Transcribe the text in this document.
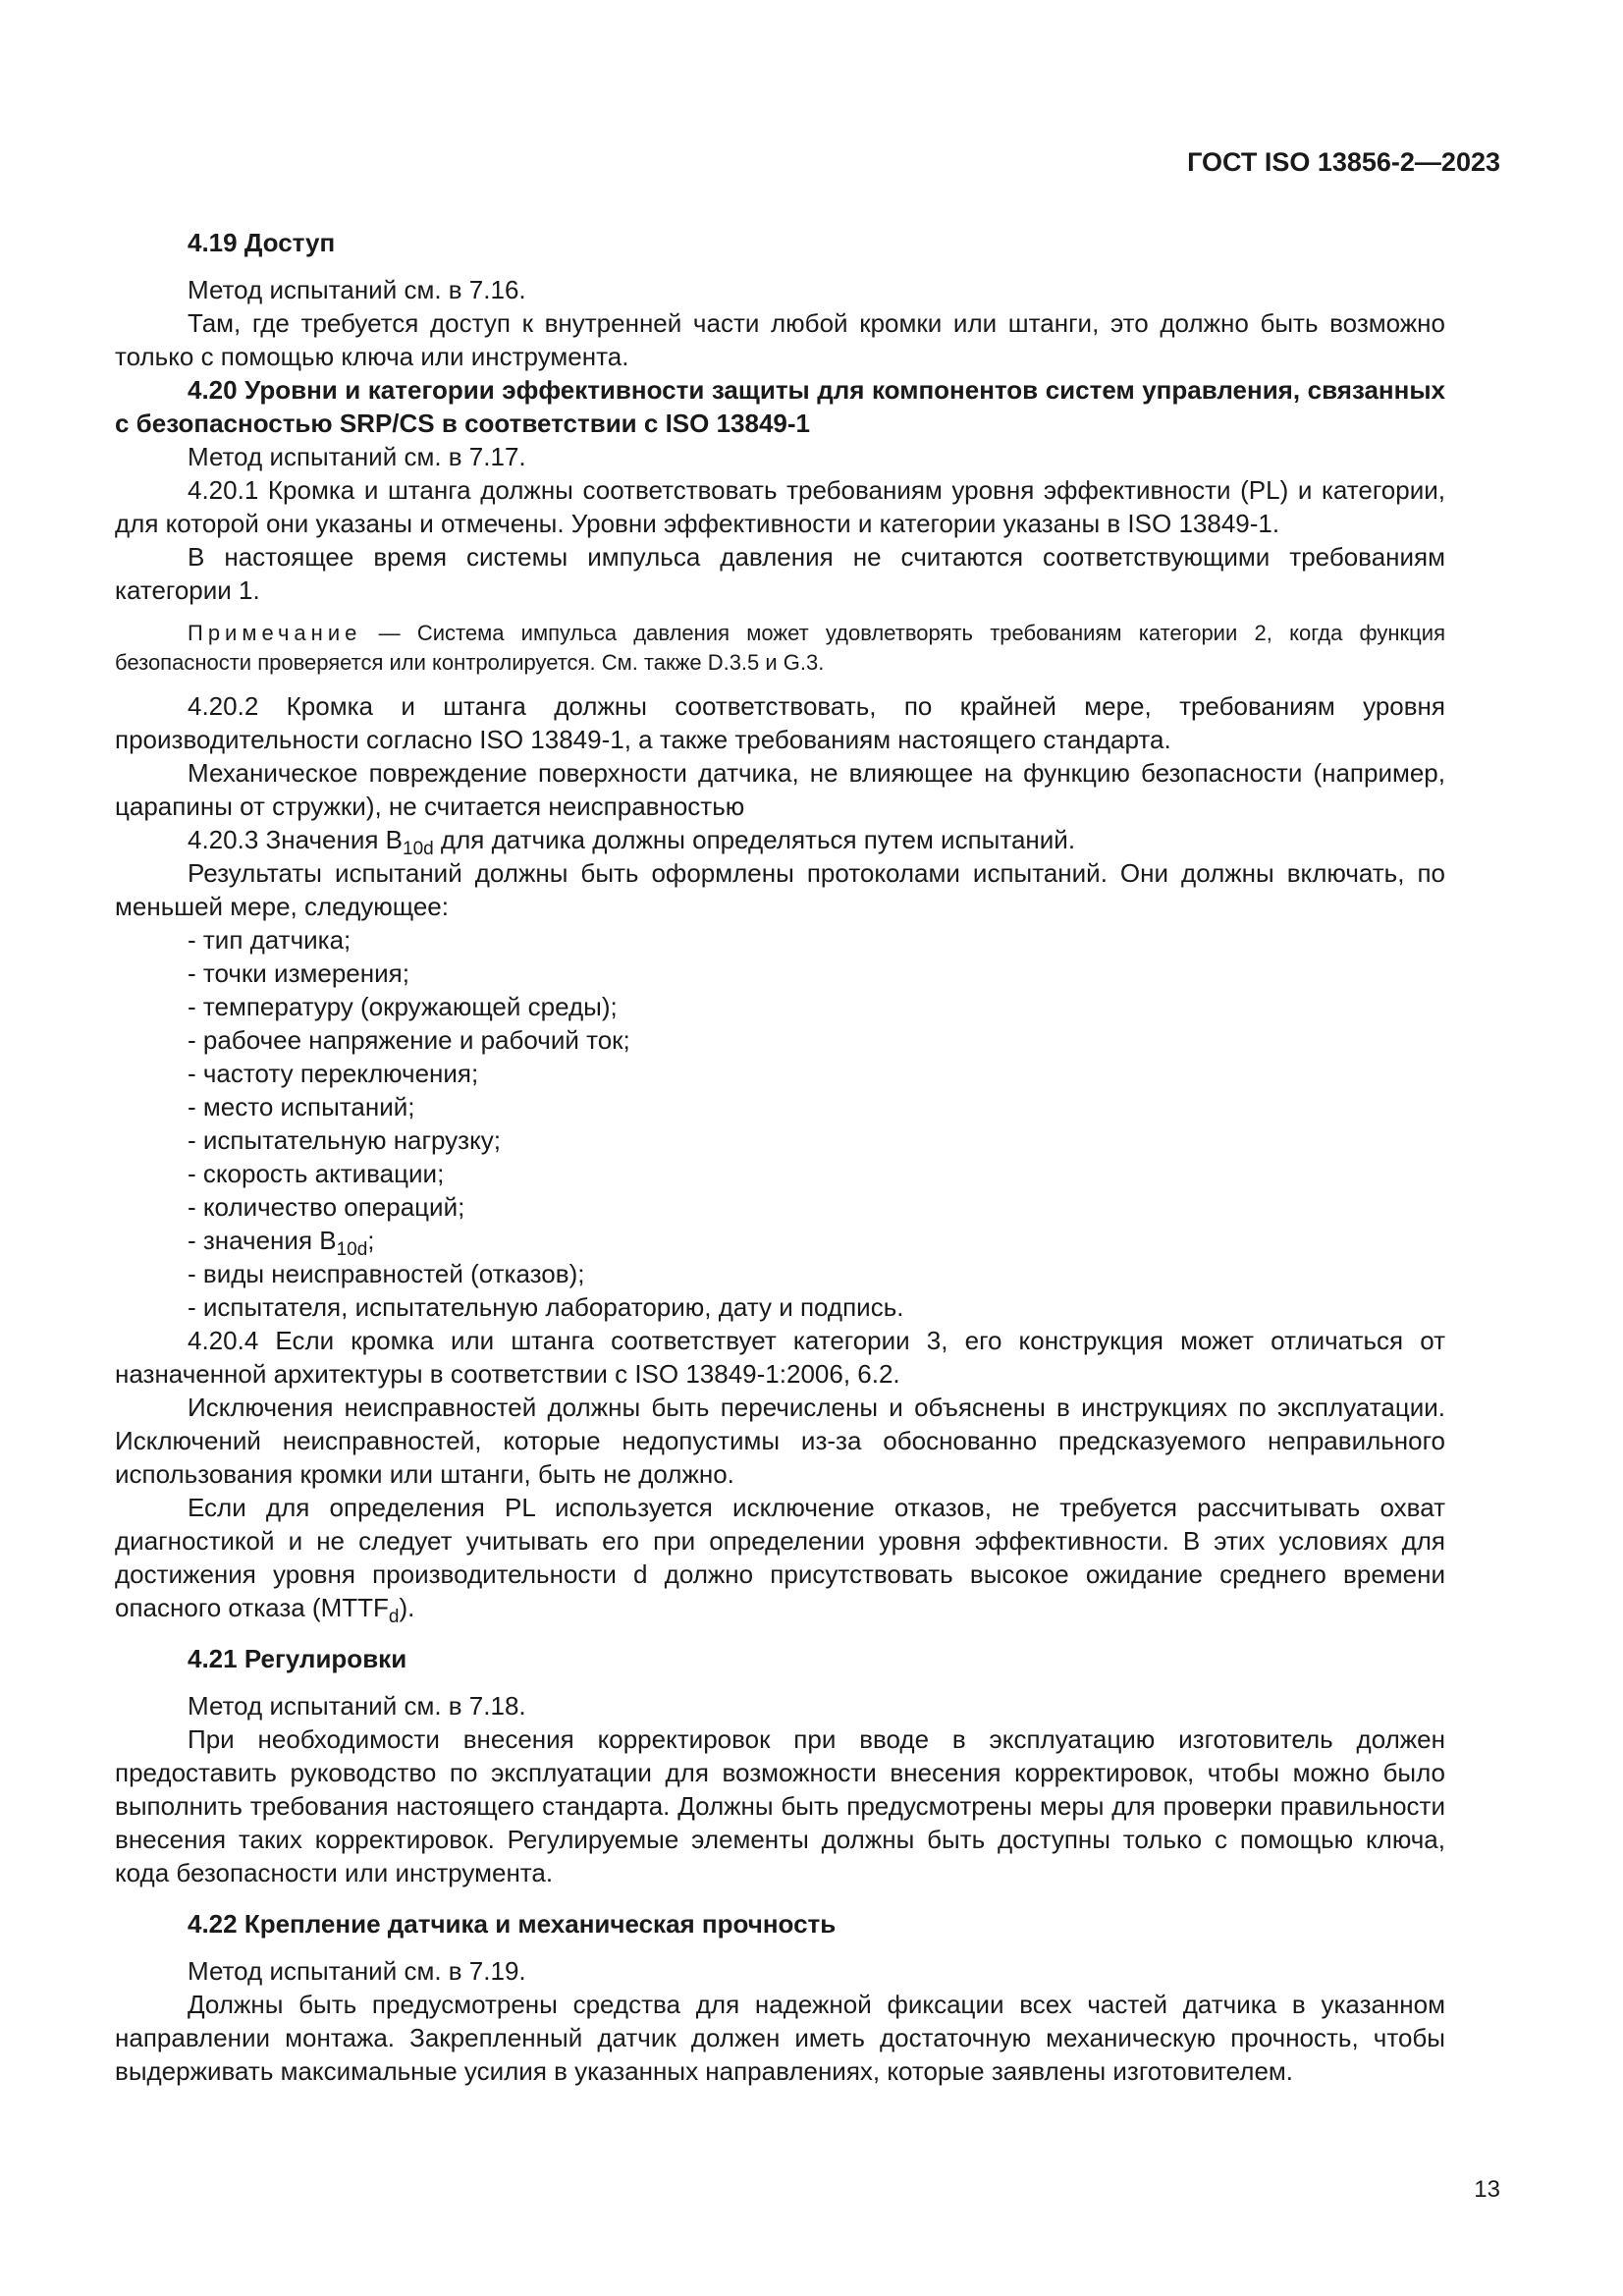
ГОСТ ISO 13856-2—2023
4.19 Доступ

Метод испытаний см. в 7.16.

Там, где требуется доступ к внутренней части любой кромки или штанги, это должно быть возможно только с помощью ключа или инструмента.

4.20 Уровни и категории эффективности защиты для компонентов систем управления, связанных с безопасностью SRP/CS в соответствии с ISO 13849-1

Метод испытаний см. в 7.17.

4.20.1 Кромка и штанга должны соответствовать требованиям уровня эффективности (PL) и категории, для которой они указаны и отмечены. Уровни эффективности и категории указаны в ISO 13849-1.

В настоящее время системы импульса давления не считаются соответствующими требованиям категории 1.

Примечание — Система импульса давления может удовлетворять требованиям категории 2, когда функция безопасности проверяется или контролируется. См. также D.3.5 и G.3.

4.20.2 Кромка и штанга должны соответствовать, по крайней мере, требованиям уровня производительности согласно ISO 13849-1, а также требованиям настоящего стандарта.

Механическое повреждение поверхности датчика, не влияющее на функцию безопасности (например, царапины от стружки), не считается неисправностью

4.20.3 Значения $B_{10d}$ для датчика должны определяться путем испытаний.

Результаты испытаний должны быть оформлены протоколами испытаний. Они должны включать, по меньшей мере, следующее:

- тип датчика;
- точки измерения;
- температуру (окружающей среды);
- рабочее напряжение и рабочий ток;
- частоту переключения;
- место испытаний;
- испытательную нагрузку;
- скорость активации;
- количество операций;
- значения $B_{10d}$;
- виды неисправностей (отказов);
- испытателя, испытательную лабораторию, дату и подпись.

4.20.4 Если кромка или штанга соответствует категории 3, его конструкция может отличаться от назначенной архитектуры в соответствии с ISO 13849-1:2006, 6.2.

Исключения неисправностей должны быть перечислены и объяснены в инструкциях по эксплуатации. Исключений неисправностей, которые недопустимы из-за обоснованно предсказуемого неправильного использования кромки или штанги, быть не должно.

Если для определения PL используется исключение отказов, не требуется рассчитывать охват диагностикой и не следует учитывать его при определении уровня эффективности. В этих условиях для достижения уровня производительности d должно присутствовать высокое ожидание среднего времени опасного отказа $(MTTF_d)$.

4.21 Регулировки

Метод испытаний см. в 7.18.

При необходимости внесения корректировок при вводе в эксплуатацию изготовитель должен предоставить руководство по эксплуатации для возможности внесения корректировок, чтобы можно было выполнить требования настоящего стандарта. Должны быть предусмотрены меры для проверки правильности внесения таких корректировок. Регулируемые элементы должны быть доступны только с помощью ключа, кода безопасности или инструмента.

4.22 Крепление датчика и механическая прочность

Метод испытаний см. в 7.19.

Должны быть предусмотрены средства для надежной фиксации всех частей датчика в указанном направлении монтажа. Закрепленный датчик должен иметь достаточную механическую прочность, чтобы выдерживать максимальные усилия в указанных направлениях, которые заявлены изготовителем.

13
